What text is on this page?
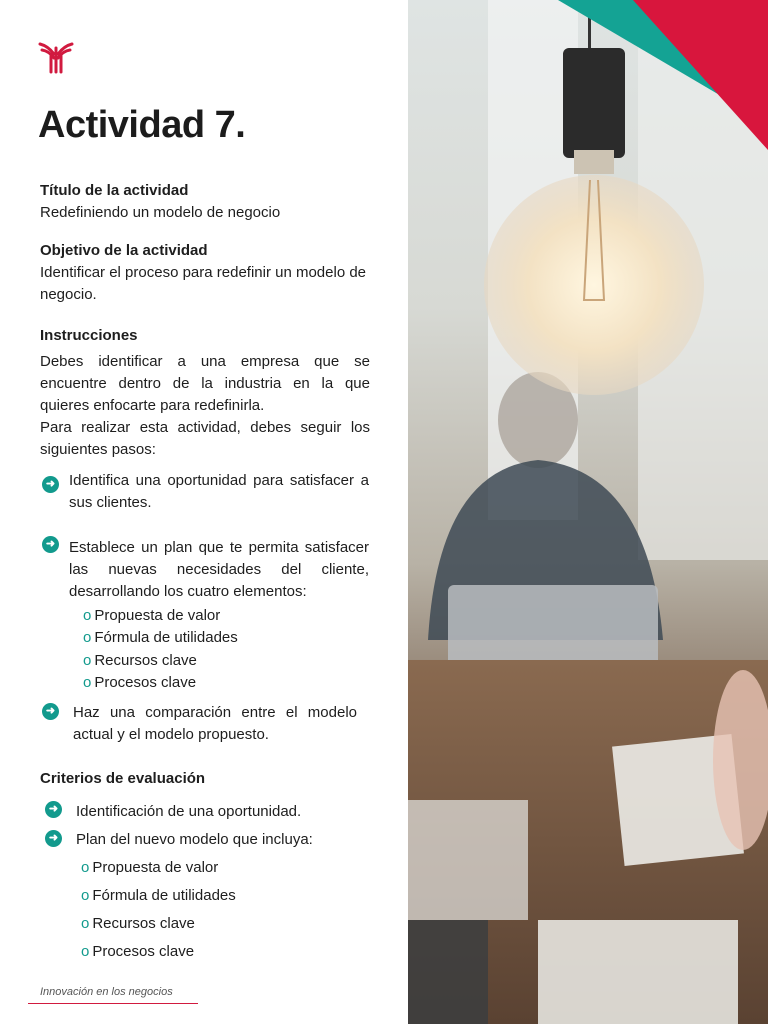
Actividad 7.
Título de la actividad
Redefiniendo un modelo de negocio
Objetivo de la actividad
Identificar el proceso para redefinir un modelo de negocio.
Instrucciones
Debes identificar a una empresa que se encuentre dentro de la industria en la que quieres enfocarte para redefinirla.
Para realizar esta actividad, debes seguir los siguientes pasos:
➜ Identifica una oportunidad para satisfacer a sus clientes.
➜ Establece un plan que te permita satisfacer las nuevas necesidades del cliente, desarrollando los cuatro elementos:
o Propuesta de valor
o Fórmula de utilidades
o Recursos clave
o Procesos clave
➜ Haz una comparación entre el modelo actual y el modelo propuesto.
Criterios de evaluación
➜ Identificación de una oportunidad.
➜ Plan del nuevo modelo que incluya:
o Propuesta de valor
o Fórmula de utilidades
o Recursos clave
o Procesos clave
Innovación en los negocios
